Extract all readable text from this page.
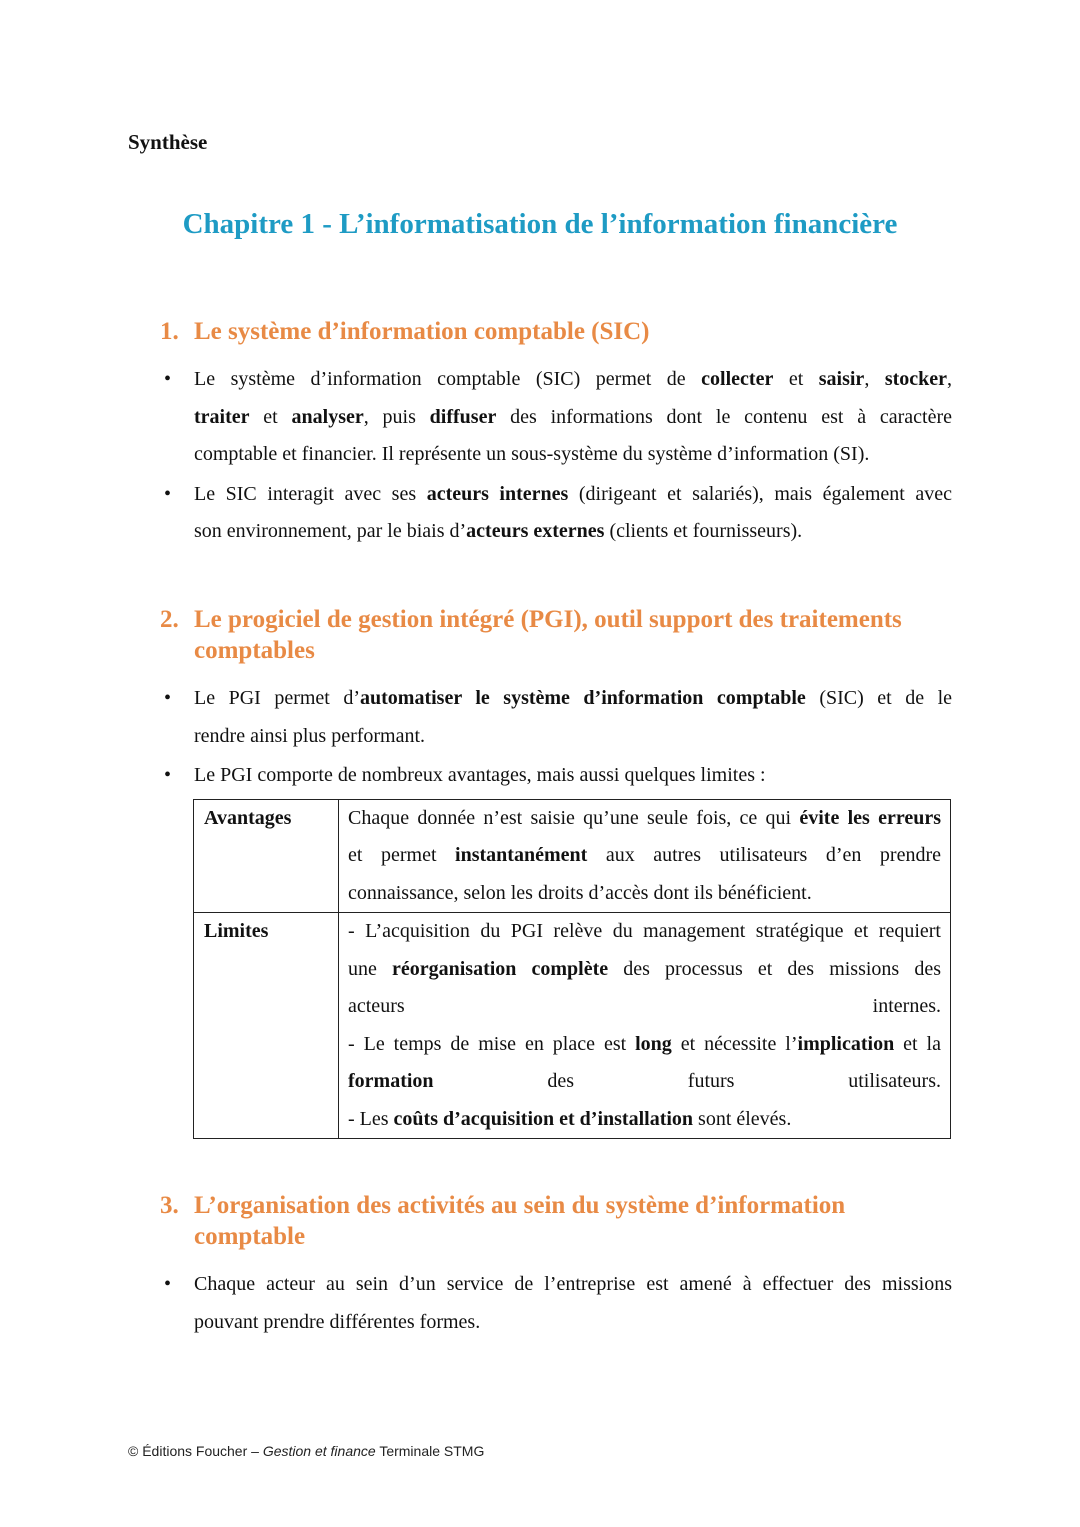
Synthèse
Chapitre 1 - L’informatisation de l’information financière
1. Le système d’information comptable (SIC)
• Le système d’information comptable (SIC) permet de collecter et saisir, stocker,
traiter et analyser, puis diffuser des informations dont le contenu est à caractère
comptable et financier. Il représente un sous-système du système d’information (SI).
• Le SIC interagit avec ses acteurs internes (dirigeant et salariés), mais également avec
son environnement, par le biais d’acteurs externes (clients et fournisseurs).
2. Le progiciel de gestion intégré (PGI), outil support des traitements
comptables
• Le PGI permet d’automatiser le système d’information comptable (SIC) et de le
rendre ainsi plus performant.
• Le PGI comporte de nombreux avantages, mais aussi quelques limites :
Avantages	Chaque donnée n’est saisie qu’une seule fois, ce qui évite les erreurs
et permet instantanément aux autres utilisateurs d’en prendre
connaissance, selon les droits d’accès dont ils bénéficient.

Limites	- L’acquisition du PGI relève du management stratégique et requiert
une réorganisation complète des processus et des missions des
acteurs internes.
- Le temps de mise en place est long et nécessite l’implication et la
formation des futurs utilisateurs.
- Les coûts d’acquisition et d’installation sont élevés.
3. L’organisation des activités au sein du système d’information
comptable
• Chaque acteur au sein d’un service de l’entreprise est amené à effectuer des missions
pouvant prendre différentes formes.
© Éditions Foucher – Gestion et finance Terminale STMG
